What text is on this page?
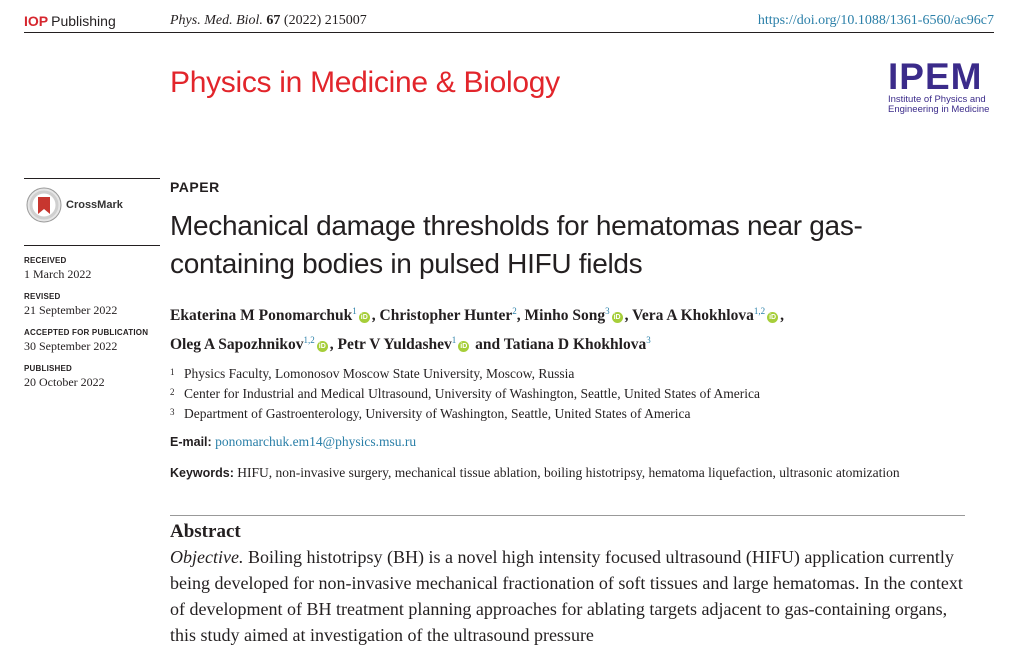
IOP Publishing	Phys. Med. Biol. 67 (2022) 215007	https://doi.org/10.1088/1361-6560/ac96c7
Physics in Medicine & Biology	IPEM
Institute of Physics and
Engineering in Medicine
CrossMark
RECEIVED
1 March 2022
REVISED
21 September 2022
ACCEPTED FOR PUBLICATION
30 September 2022
PUBLISHED
20 October 2022
PAPER
Mechanical damage thresholds for hematomas near gas-containing bodies in pulsed HIFU fields
Ekaterina M Ponomarchuk$^1$iD , Christopher Hunter$^2$, Minho Song$^3$iD , Vera A Khokhlova$^{1,2}$iD ,
Oleg A Sapozhnikov$^{1,2}$iD , Petr V Yuldashev$^1$iD and Tatiana D Khokhlova$^3$
1 Physics Faculty, Lomonosov Moscow State University, Moscow, Russia
2 Center for Industrial and Medical Ultrasound, University of Washington, Seattle, United States of America
3 Department of Gastroenterology, University of Washington, Seattle, United States of America
E-mail: ponomarchuk.em14@physics.msu.ru
Keywords: HIFU, non-invasive surgery, mechanical tissue ablation, boiling histotripsy, hematoma liquefaction, ultrasonic atomization
Abstract
Objective. Boiling histotripsy (BH) is a novel high intensity focused ultrasound (HIFU) application currently being developed for non-invasive mechanical fractionation of soft tissues and large hematomas. In the context of development of BH treatment planning approaches for ablating targets adjacent to gas-containing organs, this study aimed at investigation of the ultrasound pressure
